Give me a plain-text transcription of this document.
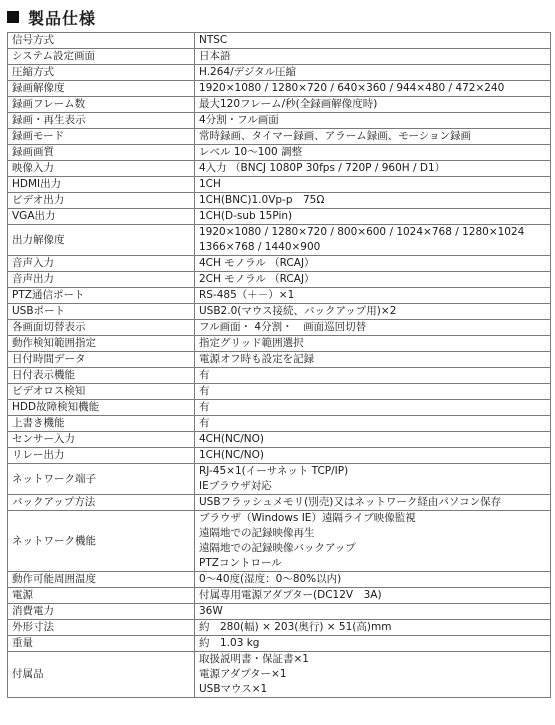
製品仕様
信号方式	NTSC

システム設定画面	日本語

圧縮方式	H.264/デジタル圧縮

録画解像度	1920×1080 / 1280×720 / 640×360 / 944×480 / 472×240

録画フレーム数	最大120フレーム/秒(全録画解像度時)

録画・再生表示	4分割・フル画面

録画モード	常時録画、タイマー録画、アラーム録画、モーション録画

録画画質	レベル 10～100 調整

映像入力	4入力 （BNCJ 1080P 30fps / 720P / 960H / D1）

HDMI出力	1CH

ビデオ出力	1CH(BNC)1.0Vp-p　75Ω

VGA出力	1CH(D-sub 15Pin)

出力解像度	1920×1080 / 1280×720 / 800×600 / 1024×768 / 1280×1024
1366×768 / 1440×900

音声入力	4CH モノラル （RCAJ）

音声出力	2CH モノラル （RCAJ）

PTZ通信ポート	RS-485（＋－）×1

USBポート	USB2.0(マウス接続、バックアップ用)×2

各画面切替表示	フル画面・ 4分割・　画面巡回切替

動作検知範囲指定	指定グリッド範囲選択

日付時間データ	電源オフ時も設定を記録

日付表示機能	有

ビデオロス検知	有

HDD故障検知機能	有

上書き機能	有

センサー入力	4CH(NC/NO)

リレー出力	1CH(NC/NO)

ネットワーク端子	RJ-45×1(イーサネット TCP/IP)
IEブラウザ対応

バックアップ方法	USBフラッシュメモリ(別売)又はネットワーク経由パソコン保存

ネットワーク機能	ブラウザ（Windows IE）遠隔ライブ映像監視
遠隔地での記録映像再生
遠隔地での記録映像バックアップ
PTZコントロール

動作可能周囲温度	0～40度(湿度：0～80%以内)

電源	付属専用電源アダプター(DC12V　3A)

消費電力	36W

外形寸法	約　280(幅) × 203(奥行) × 51(高)mm

重量	約　1.03 kg

付属品	取扱説明書・保証書×1
電源アダプター×1
USBマウス×1
